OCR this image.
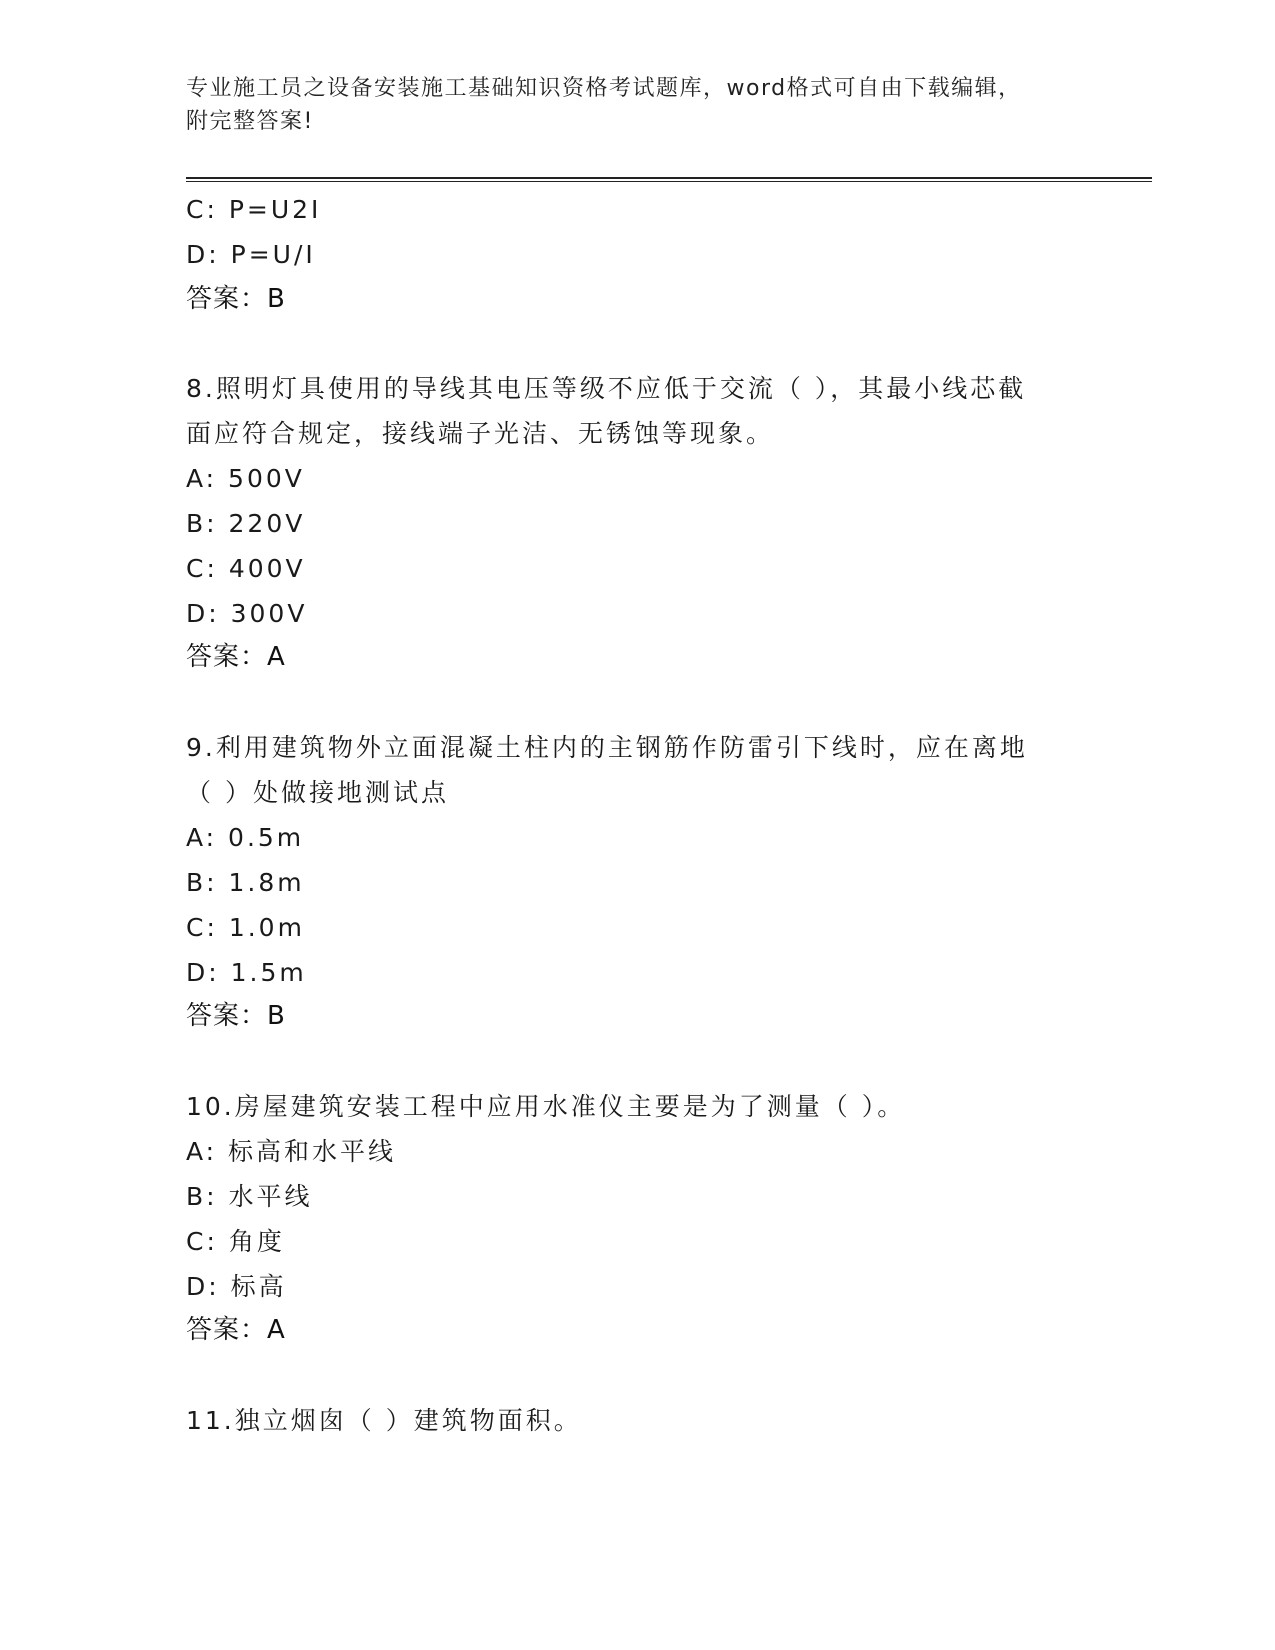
专业施工员之设备安装施工基础知识资格考试题库，word格式可自由下载编辑，
附完整答案!
C: P=U2I
D: P=U/I
答案：B
8.照明灯具使用的导线其电压等级不应低于交流（ ），其最小线芯截
面应符合规定，接线端子光洁、无锈蚀等现象。
A: 500V
B: 220V
C: 400V
D: 300V
答案：A
9.利用建筑物外立面混凝土柱内的主钢筋作防雷引下线时，应在离地
（ ）处做接地测试点
A: 0.5m
B: 1.8m
C: 1.0m
D: 1.5m
答案：B
10.房屋建筑安装工程中应用水准仪主要是为了测量（ ）。
A: 标高和水平线
B: 水平线
C: 角度
D: 标高
答案：A
11.独立烟囱（ ）建筑物面积。
